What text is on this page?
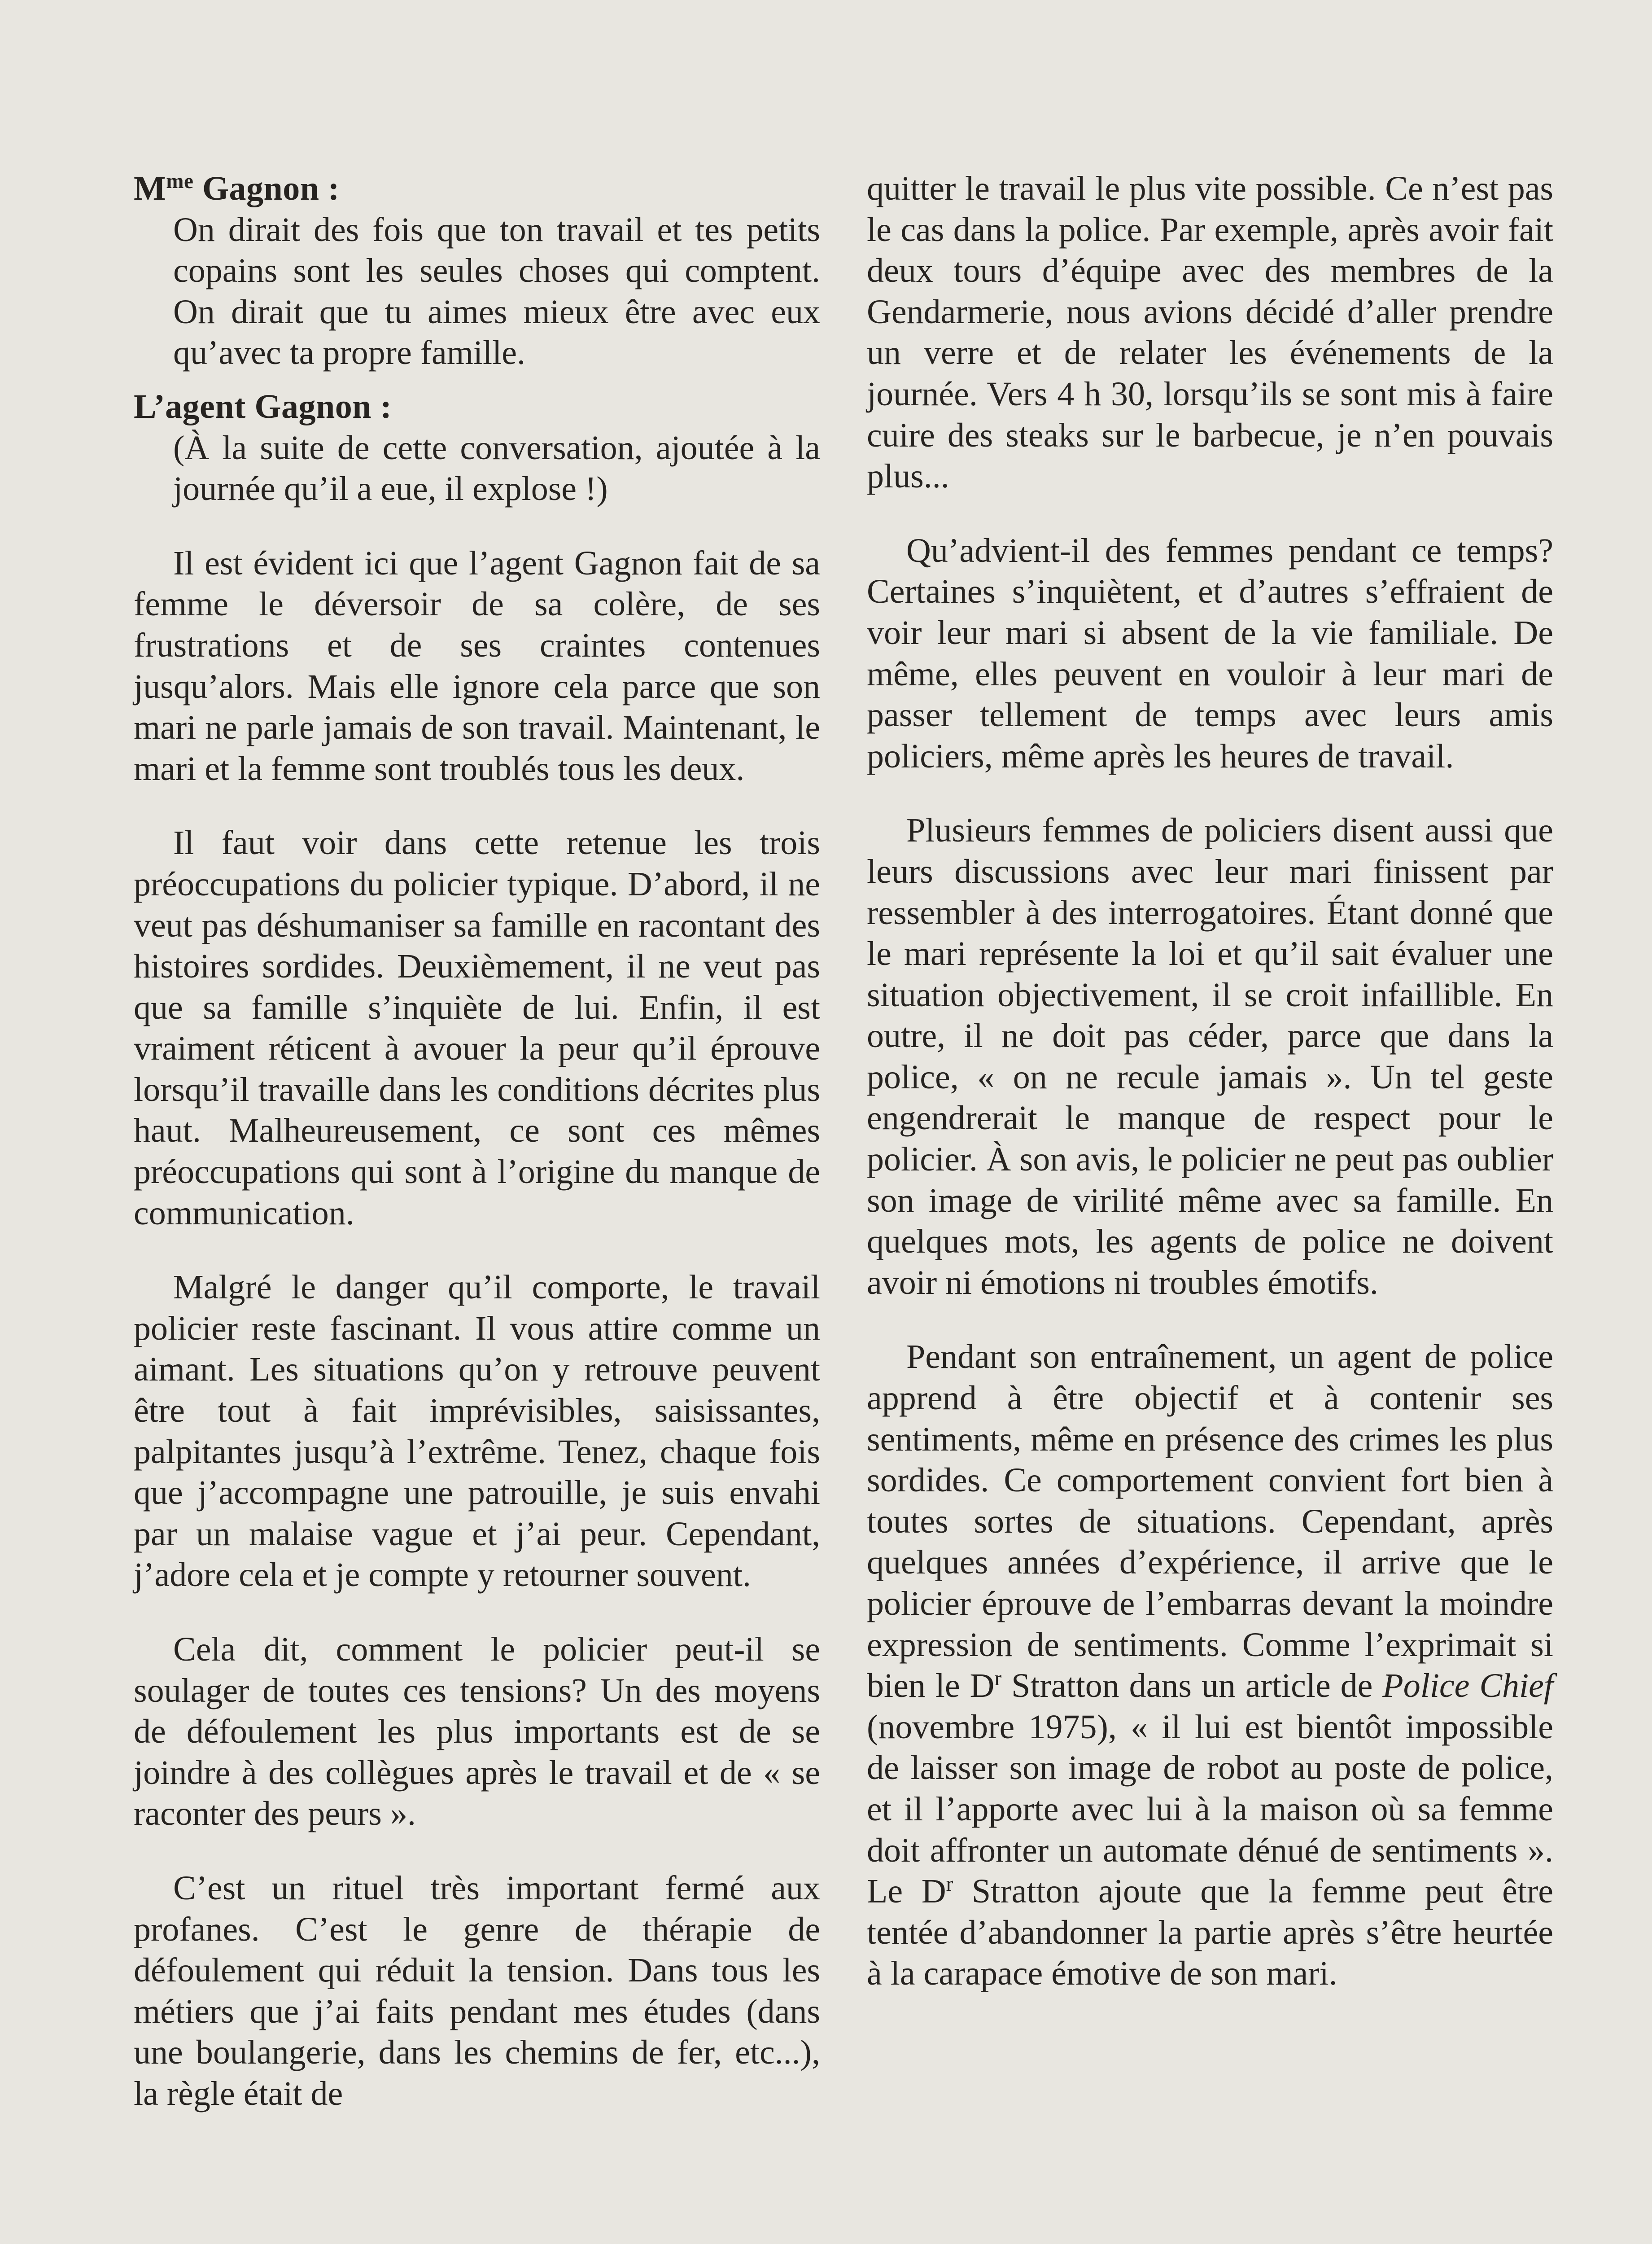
$M^{me}$ Gagnon :

On dirait des fois que ton travail et tes petits copains sont les seules choses qui comptent. On dirait que tu aimes mieux être avec eux qu’avec ta propre famille.

L’agent Gagnon :

(À la suite de cette conversation, ajoutée à la journée qu’il a eue, il explose !)

Il est évident ici que l’agent Gagnon fait de sa femme le déversoir de sa colère, de ses frustrations et de ses craintes contenues jusqu’alors. Mais elle ignore cela parce que son mari ne parle jamais de son travail. Maintenant, le mari et la femme sont troublés tous les deux.

Il faut voir dans cette retenue les trois préoccupations du policier typique. D’abord, il ne veut pas déshumaniser sa famille en racontant des histoires sordides. Deuxièmement, il ne veut pas que sa famille s’inquiète de lui. Enfin, il est vraiment réticent à avouer la peur qu’il éprouve lorsqu’il travaille dans les conditions décrites plus haut. Malheureusement, ce sont ces mêmes préoccupations qui sont à l’origine du manque de communication.

Malgré le danger qu’il comporte, le travail policier reste fascinant. Il vous attire comme un aimant. Les situations qu’on y retrouve peuvent être tout à fait imprévisibles, saisissantes, palpitantes jusqu’à l’extrême. Tenez, chaque fois que j’accompagne une patrouille, je suis envahi par un malaise vague et j’ai peur. Cependant, j’adore cela et je compte y retourner souvent.

Cela dit, comment le policier peut-il se soulager de toutes ces tensions? Un des moyens de défoulement les plus importants est de se joindre à des collègues après le travail et de « se raconter des peurs ».

C’est un rituel très important fermé aux profanes. C’est le genre de thérapie de défoulement qui réduit la tension. Dans tous les métiers que j’ai faits pendant mes études (dans une boulangerie, dans les chemins de fer, etc...), la règle était de

quitter le travail le plus vite possible. Ce n’est pas le cas dans la police. Par exemple, après avoir fait deux tours d’équipe avec des membres de la Gendarmerie, nous avions décidé d’aller prendre un verre et de relater les événements de la journée. Vers 4 h 30, lorsqu’ils se sont mis à faire cuire des steaks sur le barbecue, je n’en pouvais plus...

Qu’advient-il des femmes pendant ce temps? Certaines s’inquiètent, et d’autres s’effraient de voir leur mari si absent de la vie familiale. De même, elles peuvent en vouloir à leur mari de passer tellement de temps avec leurs amis policiers, même après les heures de travail.

Plusieurs femmes de policiers disent aussi que leurs discussions avec leur mari finissent par ressembler à des interrogatoires. Étant donné que le mari représente la loi et qu’il sait évaluer une situation objectivement, il se croit infaillible. En outre, il ne doit pas céder, parce que dans la police, « on ne recule jamais ». Un tel geste engendrerait le manque de respect pour le policier. À son avis, le policier ne peut pas oublier son image de virilité même avec sa famille. En quelques mots, les agents de police ne doivent avoir ni émotions ni troubles émotifs.

Pendant son entraînement, un agent de police apprend à être objectif et à contenir ses sentiments, même en présence des crimes les plus sordides. Ce comportement convient fort bien à toutes sortes de situations. Cependant, après quelques années d’expérience, il arrive que le policier éprouve de l’embarras devant la moindre expression de sentiments. Comme l’exprimait si bien le $D^r$ Stratton dans un article de Police Chief (novembre 1975), « il lui est bientôt impossible de laisser son image de robot au poste de police, et il l’apporte avec lui à la maison où sa femme doit affronter un automate dénué de sentiments ». Le $D^r$ Stratton ajoute que la femme peut être tentée d’abandonner la partie après s’être heurtée à la carapace émotive de son mari.
